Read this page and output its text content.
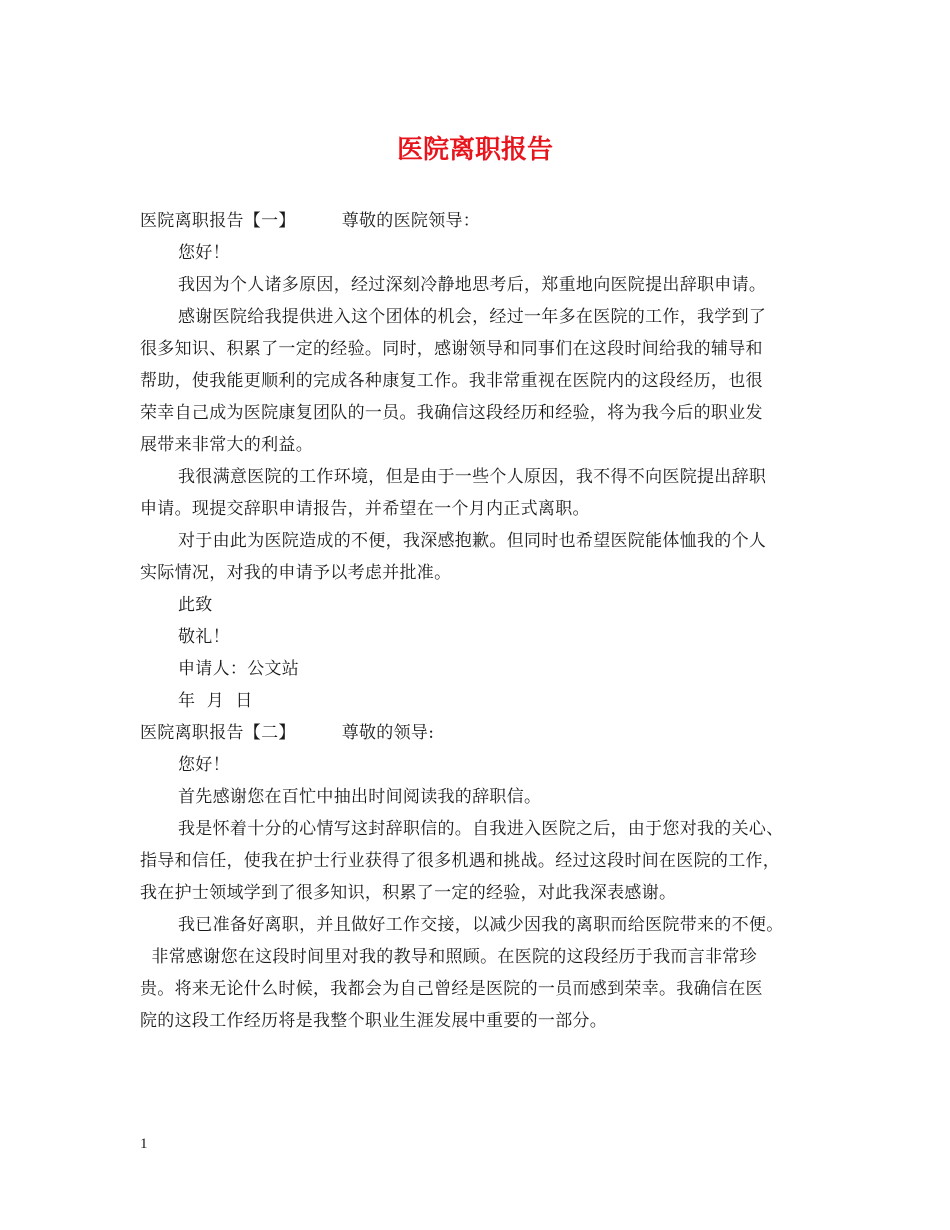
医院离职报告
医院离职报告【一】	尊敬的医院领导：
您好！
我因为个人诸多原因，经过深刻冷静地思考后，郑重地向医院提出辞职申请。
感谢医院给我提供进入这个团体的机会，经过一年多在医院的工作，我学到了
很多知识、积累了一定的经验。同时，感谢领导和同事们在这段时间给我的辅导和
帮助，使我能更顺利的完成各种康复工作。我非常重视在医院内的这段经历，也很
荣幸自己成为医院康复团队的一员。我确信这段经历和经验，将为我今后的职业发
展带来非常大的利益。
我很满意医院的工作环境，但是由于一些个人原因，我不得不向医院提出辞职
申请。现提交辞职申请报告，并希望在一个月内正式离职。
对于由此为医院造成的不便，我深感抱歉。但同时也希望医院能体恤我的个人
实际情况，对我的申请予以考虑并批准。
此致
敬礼！
申请人：公文站
年  月  日
医院离职报告【二】	尊敬的领导:
您好！
首先感谢您在百忙中抽出时间阅读我的辞职信。
我是怀着十分的心情写这封辞职信的。自我进入医院之后，由于您对我的关心、
指导和信任，使我在护士行业获得了很多机遇和挑战。经过这段时间在医院的工作，
我在护士领域学到了很多知识，积累了一定的经验，对此我深表感谢。
我已准备好离职，并且做好工作交接，以减少因我的离职而给医院带来的不便。
非常感谢您在这段时间里对我的教导和照顾。在医院的这段经历于我而言非常珍
贵。将来无论什么时候，我都会为自己曾经是医院的一员而感到荣幸。我确信在医
院的这段工作经历将是我整个职业生涯发展中重要的一部分。
1
